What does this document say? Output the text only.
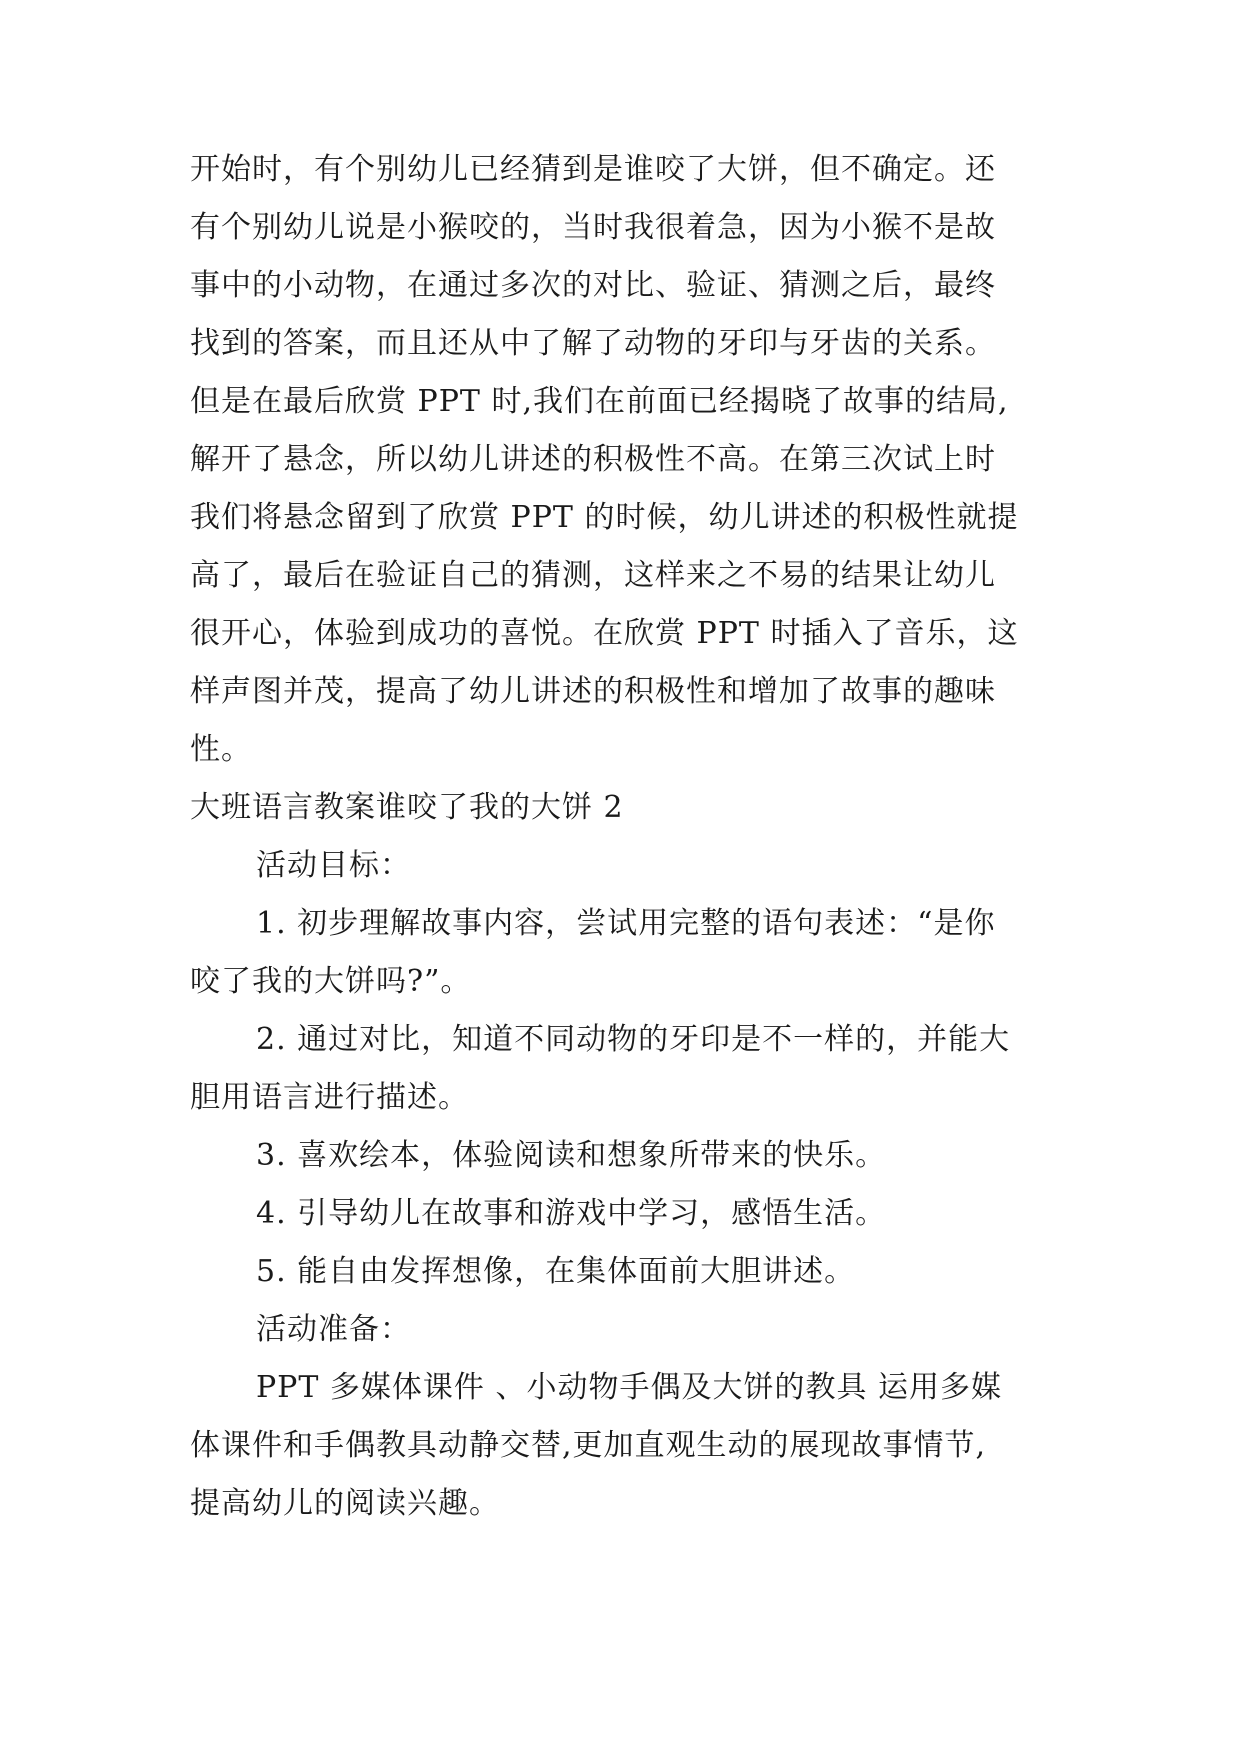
开始时，有个别幼儿已经猜到是谁咬了大饼，但不确定。还
有个别幼儿说是小猴咬的，当时我很着急，因为小猴不是故
事中的小动物，在通过多次的对比、验证、猜测之后，最终
找到的答案，而且还从中了解了动物的牙印与牙齿的关系。
但是在最后欣赏 PPT 时,我们在前面已经揭晓了故事的结局,
解开了悬念，所以幼儿讲述的积极性不高。在第三次试上时
我们将悬念留到了欣赏 PPT 的时候，幼儿讲述的积极性就提
高了，最后在验证自己的猜测，这样来之不易的结果让幼儿
很开心，体验到成功的喜悦。在欣赏 PPT 时插入了音乐，这
样声图并茂，提高了幼儿讲述的积极性和增加了故事的趣味
性。
大班语言教案谁咬了我的大饼 2
活动目标：
1. 初步理解故事内容，尝试用完整的语句表述：“是你
咬了我的大饼吗?”。
2. 通过对比，知道不同动物的牙印是不一样的，并能大
胆用语言进行描述。
3. 喜欢绘本，体验阅读和想象所带来的快乐。
4. 引导幼儿在故事和游戏中学习，感悟生活。
5. 能自由发挥想像，在集体面前大胆讲述。
活动准备：
PPT 多媒体课件 、小动物手偶及大饼的教具 运用多媒
体课件和手偶教具动静交替,更加直观生动的展现故事情节,
提高幼儿的阅读兴趣。
